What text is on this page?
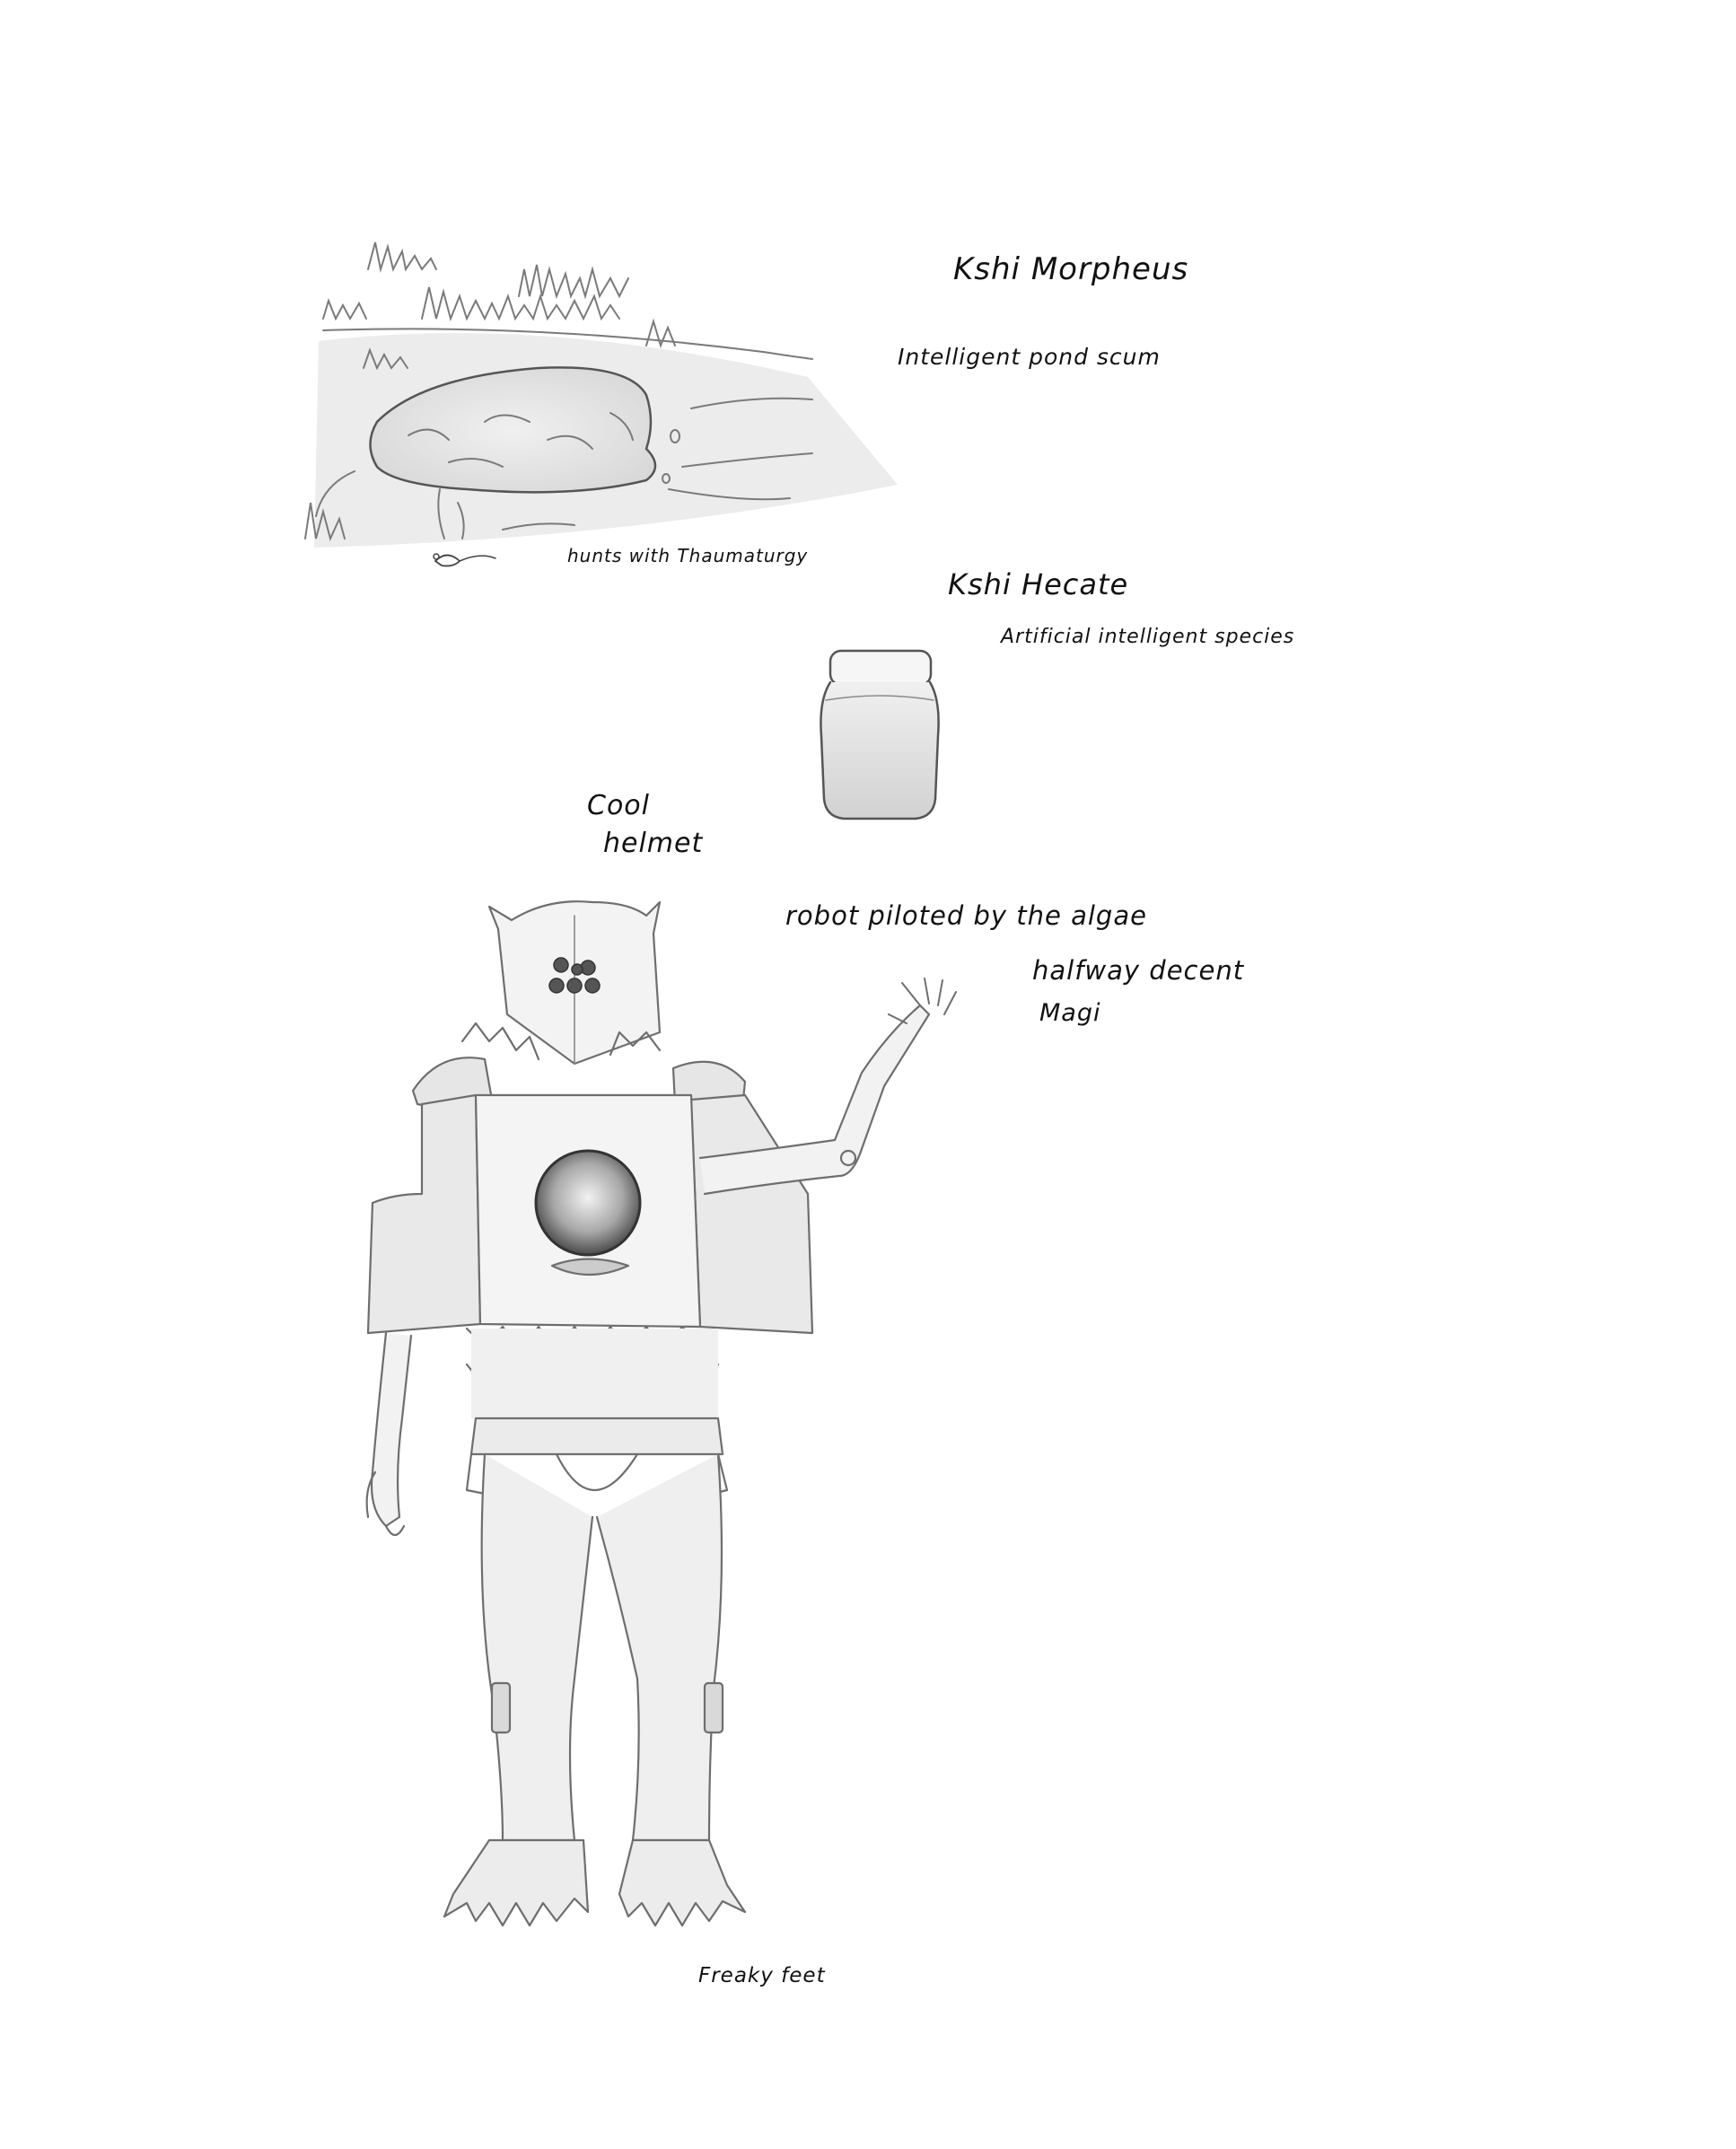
Kshi Morpheus
Intelligent pond scum
hunts with Thaumaturgy
Kshi Hecate
Artificial intelligent species
Cool
helmet
robot piloted by the algae
halfway decent
Magi
Freaky feet
